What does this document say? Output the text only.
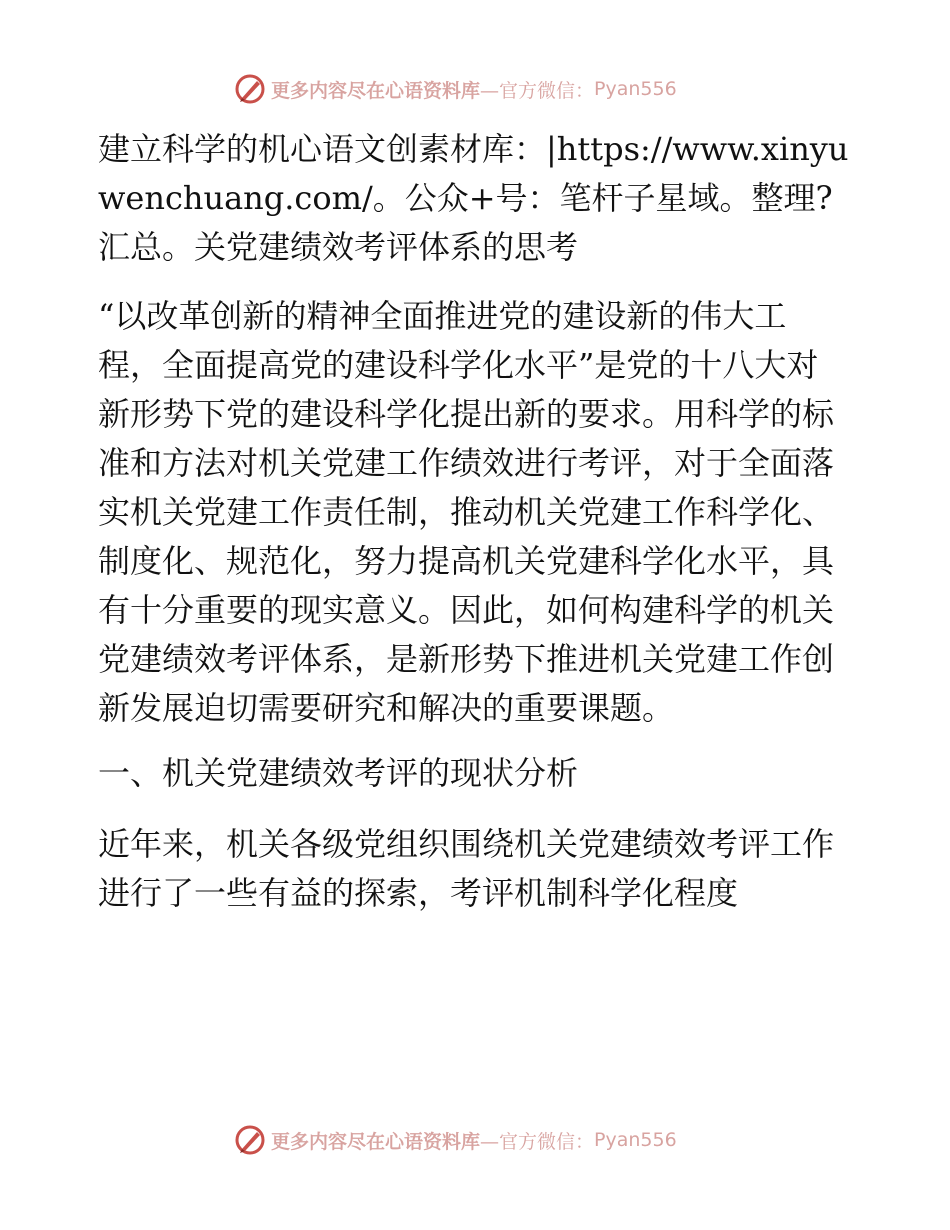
更多内容尽在心语资料库 —官方微信： Pyan556

建立科学的机心语文创素材库：|https://www.xinyuwenchuang.com/。公众+号：笔杆子星域。整理?汇总。关党建绩效考评体系的思考

“以改革创新的精神全面推进党的建设新的伟大工程，全面提高党的建设科学化水平”是党的十八大对新形势下党的建设科学化提出新的要求。用科学的标准和方法对机关党建工作绩效进行考评，对于全面落实机关党建工作责任制，推动机关党建工作科学化、制度化、规范化，努力提高机关党建科学化水平，具有十分重要的现实意义。因此，如何构建科学的机关党建绩效考评体系，是新形势下推进机关党建工作创新发展迫切需要研究和解决的重要课题。

一、机关党建绩效考评的现状分析

近年来，机关各级党组织围绕机关党建绩效考评工作进行了一些有益的探索，考评机制科学化程度

更多内容尽在心语资料库 —官方微信： Pyan556
